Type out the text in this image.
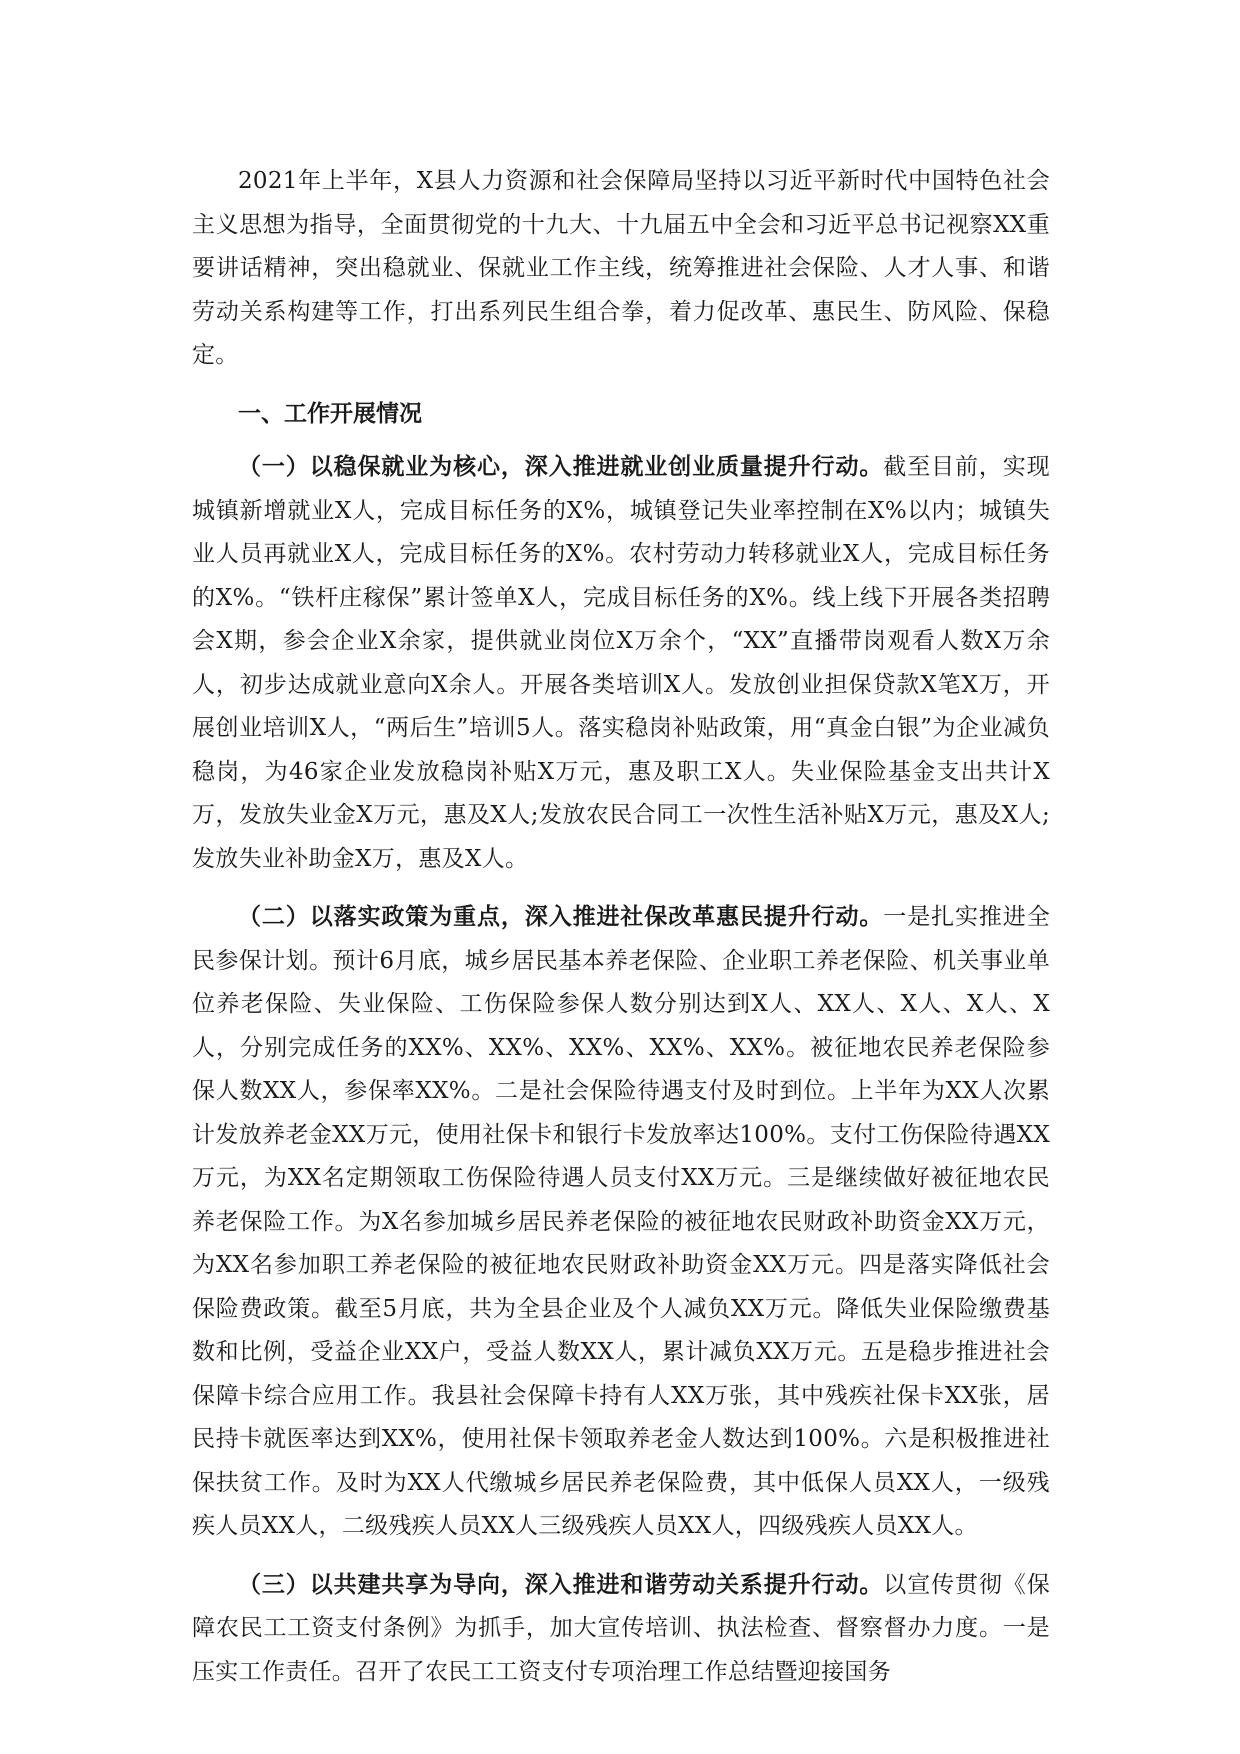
2021年上半年，X县人力资源和社会保障局坚持以习近平新时代中国特色社会主义思想为指导，全面贯彻党的十九大、十九届五中全会和习近平总书记视察XX重要讲话精神，突出稳就业、保就业工作主线，统筹推进社会保险、人才人事、和谐劳动关系构建等工作，打出系列民生组合拳，着力促改革、惠民生、防风险、保稳定。

一、工作开展情况

（一）以稳保就业为核心，深入推进就业创业质量提升行动。截至目前，实现城镇新增就业X人，完成目标任务的X%，城镇登记失业率控制在X%以内；城镇失业人员再就业X人，完成目标任务的X%。农村劳动力转移就业X人，完成目标任务的X%。“铁杆庄稼保”累计签单X人，完成目标任务的X%。线上线下开展各类招聘会X期，参会企业X余家，提供就业岗位X万余个，“XX”直播带岗观看人数X万余人，初步达成就业意向X余人。开展各类培训X人。发放创业担保贷款X笔X万，开展创业培训X人，“两后生”培训5人。落实稳岗补贴政策，用“真金白银”为企业减负稳岗，为46家企业发放稳岗补贴X万元，惠及职工X人。失业保险基金支出共计X万，发放失业金X万元，惠及X人;发放农民合同工一次性生活补贴X万元，惠及X人;发放失业补助金X万，惠及X人。

（二）以落实政策为重点，深入推进社保改革惠民提升行动。一是扎实推进全民参保计划。预计6月底，城乡居民基本养老保险、企业职工养老保险、机关事业单位养老保险、失业保险、工伤保险参保人数分别达到X人、XX人、X人、X人、X人，分别完成任务的XX%、XX%、XX%、XX%、XX%。被征地农民养老保险参保人数XX人，参保率XX%。二是社会保险待遇支付及时到位。上半年为XX人次累计发放养老金XX万元，使用社保卡和银行卡发放率达100%。支付工伤保险待遇XX万元，为XX名定期领取工伤保险待遇人员支付XX万元。三是继续做好被征地农民养老保险工作。为X名参加城乡居民养老保险的被征地农民财政补助资金XX万元，为XX名参加职工养老保险的被征地农民财政补助资金XX万元。四是落实降低社会保险费政策。截至5月底，共为全县企业及个人减负XX万元。降低失业保险缴费基数和比例，受益企业XX户，受益人数XX人，累计减负XX万元。五是稳步推进社会保障卡综合应用工作。我县社会保障卡持有人XX万张，其中残疾社保卡XX张，居民持卡就医率达到XX%，使用社保卡领取养老金人数达到100%。六是积极推进社保扶贫工作。及时为XX人代缴城乡居民养老保险费，其中低保人员XX人，一级残疾人员XX人，二级残疾人员XX人三级残疾人员XX人，四级残疾人员XX人。

（三）以共建共享为导向，深入推进和谐劳动关系提升行动。以宣传贯彻《保障农民工工资支付条例》为抓手，加大宣传培训、执法检查、督察督办力度。一是压实工作责任。召开了农民工工资支付专项治理工作总结暨迎接国务
